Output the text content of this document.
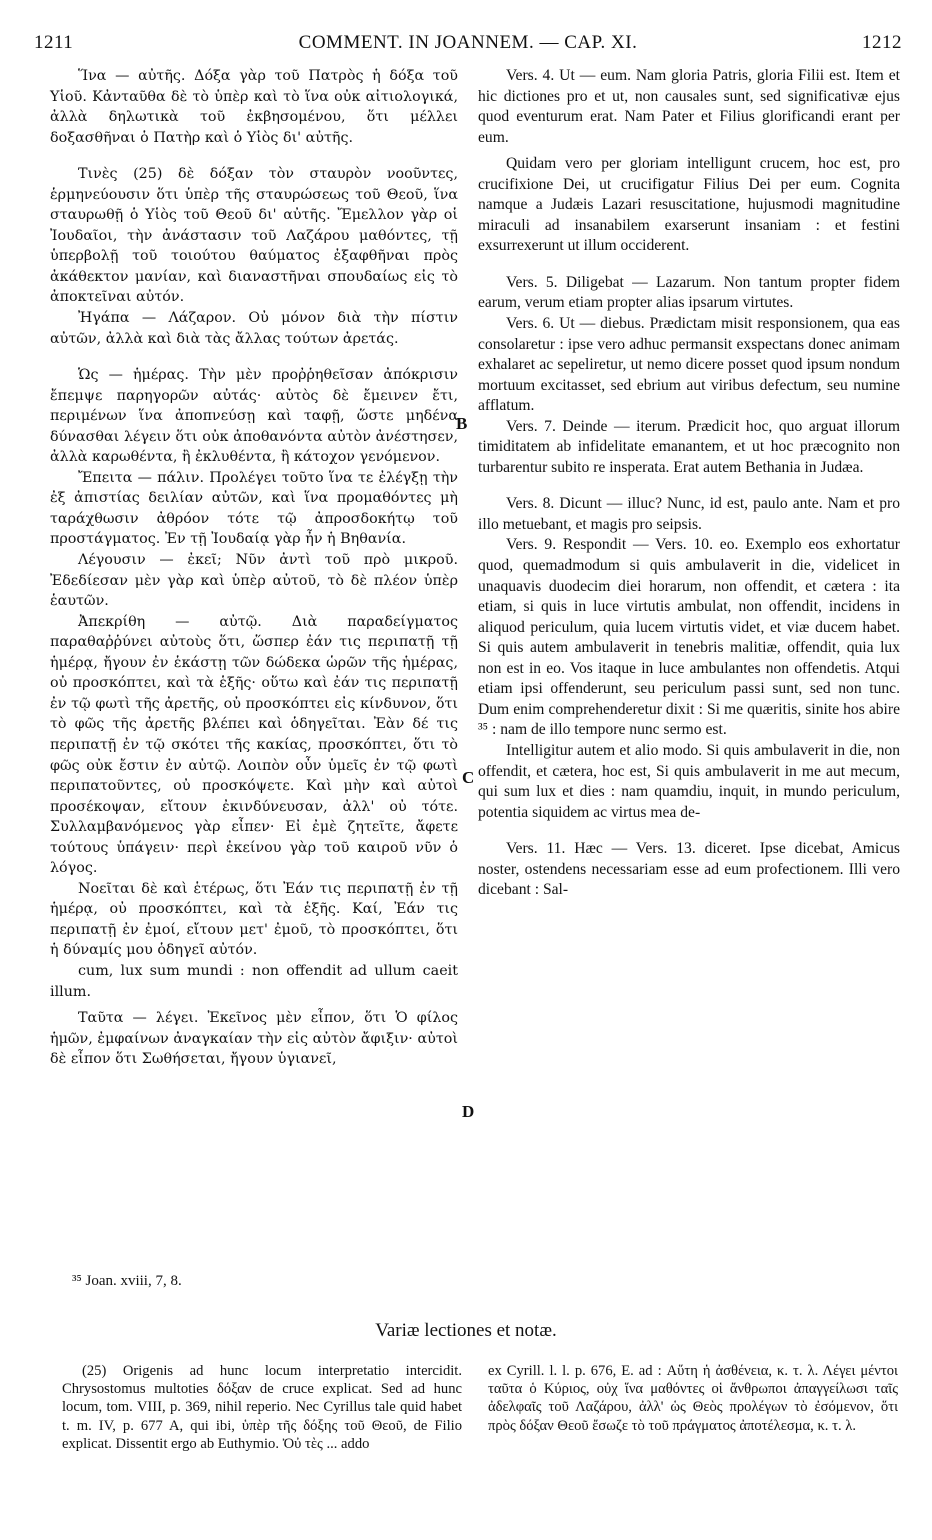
1211	COMMENT. IN JOANNEM. — CAP. XI.	1212

Ἵνα — αὐτῆς. Δόξα γὰρ τοῦ Πατρὸς ἡ δόξα τοῦ Υἱοῦ. Κἀνταῦθα δὲ τὸ ὑπὲρ καὶ τὸ ἵνα οὐκ αἰτιολογικά, ἀλλὰ δηλωτικὰ τοῦ ἐκβησομένου, ὅτι μέλλει δοξασθῆναι ὁ Πατὴρ καὶ ὁ Υἱὸς δι' αὐτῆς.

Τινὲς (25) δὲ δόξαν τὸν σταυρὸν νοοῦντες, ἑρμηνεύουσιν ὅτι ὑπὲρ τῆς σταυρώσεως τοῦ Θεοῦ, ἵνα σταυρωθῇ ὁ Υἱὸς τοῦ Θεοῦ δι' αὐτῆς. Ἔμελλον γὰρ οἱ Ἰουδαῖοι, τὴν ἀνάστασιν τοῦ Λαζάρου μαθόντες, τῇ ὑπερβολῇ τοῦ τοιούτου θαύματος ἐξαφθῆναι πρὸς ἀκάθεκτον μανίαν, καὶ διαναστῆναι σπουδαίως εἰς τὸ ἀποκτεῖναι αὐτόν.

Ἠγάπα — Λάζαρον. Οὐ μόνον διὰ τὴν πίστιν αὐτῶν, ἀλλὰ καὶ διὰ τὰς ἄλλας τούτων ἀρετάς.

Ὡς — ἡμέρας. Τὴν μὲν προῤῥηθεῖσαν ἀπόκρισιν ἔπεμψε παρηγορῶν αὐτάς· αὐτὸς δὲ ἔμεινεν ἔτι, περιμένων ἵνα ἀποπνεύσῃ καὶ ταφῇ, ὥστε μηδένα δύνασθαι λέγειν ὅτι οὐκ ἀποθανόντα αὐτὸν ἀνέστησεν, ἀλλὰ καρωθέντα, ἢ ἐκλυθέντα, ἢ κάτοχον γενόμενον.

Ἔπειτα — πάλιν. Προλέγει τοῦτο ἵνα τε ἐλέγξῃ τὴν ἐξ ἀπιστίας δειλίαν αὐτῶν, καὶ ἵνα προμαθόντες μὴ ταράχθωσιν ἀθρόον τότε τῷ ἀπροσδοκήτῳ τοῦ προστάγματος. Ἐν τῇ Ἰουδαίᾳ γὰρ ἦν ἡ Βηθανία.

Λέγουσιν — ἐκεῖ; Νῦν ἀντὶ τοῦ πρὸ μικροῦ. Ἐδεδίεσαν μὲν γὰρ καὶ ὑπὲρ αὐτοῦ, τὸ δὲ πλέον ὑπὲρ ἑαυτῶν.

Ἀπεκρίθη — αὐτῷ. Διὰ παραδείγματος παραθαῤῥύνει αὐτοὺς ὅτι, ὥσπερ ἐάν τις περιπατῇ τῇ ἡμέρᾳ, ἤγουν ἐν ἑκάστῃ τῶν δώδεκα ὡρῶν τῆς ἡμέρας, οὐ προσκόπτει, καὶ τὰ ἑξῆς· οὕτω καὶ ἐάν τις περιπατῇ ἐν τῷ φωτὶ τῆς ἀρετῆς, οὐ προσκόπτει εἰς κίνδυνον, ὅτι τὸ φῶς τῆς ἀρετῆς βλέπει καὶ ὁδηγεῖται. Ἐὰν δέ τις περιπατῇ ἐν τῷ σκότει τῆς κακίας, προσκόπτει, ὅτι τὸ φῶς οὐκ ἔστιν ἐν αὐτῷ. Λοιπὸν οὖν ὑμεῖς ἐν τῷ φωτὶ περιπατοῦντες, οὐ προσκόψετε. Καὶ μὴν καὶ αὐτοὶ προσέκοψαν, εἴτουν ἐκινδύνευσαν, ἀλλ' οὐ τότε. Συλλαμβανόμενος γὰρ εἶπεν· Εἰ ἐμὲ ζητεῖτε, ἄφετε τούτους ὑπάγειν· περὶ ἐκείνου γὰρ τοῦ καιροῦ νῦν ὁ λόγος.

Νοεῖται δὲ καὶ ἑτέρως, ὅτι Ἐάν τις περιπατῇ ἐν τῇ ἡμέρᾳ, οὐ προσκόπτει, καὶ τὰ ἑξῆς. Καί, Ἐάν τις περιπατῇ ἐν ἐμοί, εἴτουν μετ' ἐμοῦ, τὸ προσκόπτει, ὅτι ἡ δύναμίς μου ὁδηγεῖ αὐτόν.

cum, lux sum mundi : non offendit ad ullum caeit illum.

Ταῦτα — λέγει. Ἐκεῖνος μὲν εἶπον, ὅτι Ὁ φίλος ἡμῶν, ἐμφαίνων ἀναγκαίαν τὴν εἰς αὐτὸν ἄφιξιν· αὐτοὶ δὲ εἶπον ὅτι Σωθήσεται, ἤγουν ὑγιανεῖ,

Vers. 4. Ut — eum. Nam gloria Patris, gloria Filii est. Item et hic dictiones pro et ut, non causales sunt, sed significativæ ejus quod eventurum erat. Nam Pater et Filius glorificandi erant per eum.

Quidam vero per gloriam intelligunt crucem, hoc est, pro crucifixione Dei, ut crucifigatur Filius Dei per eum. Cognita namque a Judæis Lazari resuscitatione, hujusmodi magnitudine miraculi ad insanabilem exarserunt insaniam : et festini exsurrexerunt ut illum occiderent.

Vers. 5. Diligebat — Lazarum. Non tantum propter fidem earum, verum etiam propter alias ipsarum virtutes.

Vers. 6. Ut — diebus. Prædictam misit responsionem, qua eas consolaretur : ipse vero adhuc permansit exspectans donec animam exhalaret ac sepeliretur, ut nemo dicere posset quod ipsum nondum mortuum excitasset, sed ebrium aut viribus defectum, seu numine afflatum.

Vers. 7. Deinde — iterum. Prædicit hoc, quo arguat illorum timiditatem ab infidelitate emanantem, et ut hoc præcognito non turbarentur subito re insperata. Erat autem Bethania in Judæa.

Vers. 8. Dicunt — illuc? Nunc, id est, paulo ante. Nam et pro illo metuebant, et magis pro seipsis.

Vers. 9. Respondit — Vers. 10. eo. Exemplo eos exhortatur quod, quemadmodum si quis ambulaverit in die, videlicet in unaquavis duodecim diei horarum, non offendit, et cætera : ita etiam, si quis in luce virtutis ambulat, non offendit, incidens in aliquod periculum, quia lucem virtutis videt, et viæ ducem habet. Si quis autem ambulaverit in tenebris malitiæ, offendit, quia lux non est in eo. Vos itaque in luce ambulantes non offendetis. Atqui etiam ipsi offenderunt, seu periculum passi sunt, sed non tunc. Dum enim comprehenderetur dixit : Si me quæritis, sinite hos abire ³⁵ : nam de illo tempore nunc sermo est.

Intelligitur autem et alio modo. Si quis ambulaverit in die, non offendit, et cætera, hoc est, Si quis ambulaverit in me aut mecum, qui sum lux et dies : nam quamdiu, inquit, in mundo periculum, potentia siquidem ac virtus mea de-

Vers. 11. Hæc — Vers. 13. diceret. Ipse dicebat, Amicus noster, ostendens necessariam esse ad eum profectionem. Illi vero dicebant : Sal-

B
C
D
³⁵ Joan. xviii, 7, 8.
Variæ lectiones et notæ.

(25) Origenis ad hunc locum interpretatio intercidit. Chrysostomus multoties δόξαν de cruce explicat. Sed ad hunc locum, tom. VIII, p. 369, nihil reperio. Nec Cyrillus tale quid habet t. m. IV, p. 677 A, qui ibi, ὑπὲρ τῆς δόξης τοῦ Θεοῦ, de Filio explicat. Dissentit ergo ab Euthymio. Ὀὐ τὲς ... addo

ex Cyrill. l. l. p. 676, E. ad : Αὕτη ἡ ἀσθένεια, κ. τ. λ. Λέγει μέντοι ταῦτα ὁ Κύριος, οὐχ ἵνα μαθόντες οἱ ἄνθρωποι ἀπαγγείλωσι ταῖς ἀδελφαῖς τοῦ Λαζάρου, ἀλλ' ὡς Θεὸς προλέγων τὸ ἐσόμενον, ὅτι πρὸς δόξαν Θεοῦ ἔσωζε τὸ τοῦ πράγματος ἀποτέλεσμα, κ. τ. λ.
